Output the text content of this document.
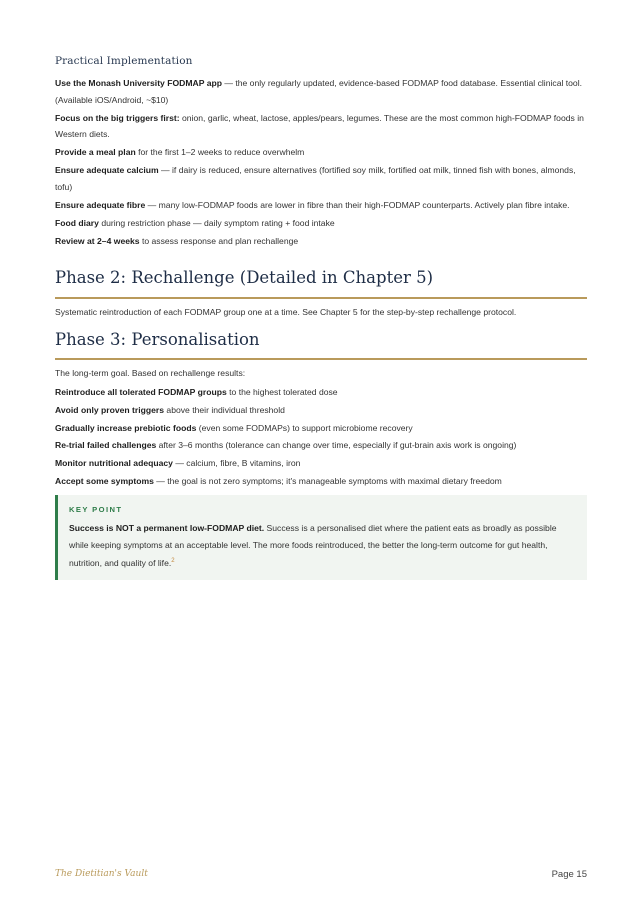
Practical Implementation
Use the Monash University FODMAP app — the only regularly updated, evidence-based FODMAP food database. Essential clinical tool. (Available iOS/Android, ~$10)
Focus on the big triggers first: onion, garlic, wheat, lactose, apples/pears, legumes. These are the most common high-FODMAP foods in Western diets.
Provide a meal plan for the first 1–2 weeks to reduce overwhelm
Ensure adequate calcium — if dairy is reduced, ensure alternatives (fortified soy milk, fortified oat milk, tinned fish with bones, almonds, tofu)
Ensure adequate fibre — many low-FODMAP foods are lower in fibre than their high-FODMAP counterparts. Actively plan fibre intake.
Food diary during restriction phase — daily symptom rating + food intake
Review at 2–4 weeks to assess response and plan rechallenge
Phase 2: Rechallenge (Detailed in Chapter 5)
Systematic reintroduction of each FODMAP group one at a time. See Chapter 5 for the step-by-step rechallenge protocol.
Phase 3: Personalisation
The long-term goal. Based on rechallenge results:
Reintroduce all tolerated FODMAP groups to the highest tolerated dose
Avoid only proven triggers above their individual threshold
Gradually increase prebiotic foods (even some FODMAPs) to support microbiome recovery
Re-trial failed challenges after 3–6 months (tolerance can change over time, especially if gut-brain axis work is ongoing)
Monitor nutritional adequacy — calcium, fibre, B vitamins, iron
Accept some symptoms — the goal is not zero symptoms; it's manageable symptoms with maximal dietary freedom
KEY POINT
Success is NOT a permanent low-FODMAP diet. Success is a personalised diet where the patient eats as broadly as possible while keeping symptoms at an acceptable level. The more foods reintroduced, the better the long-term outcome for gut health, nutrition, and quality of life.$^2$
The Dietitian's Vault	Page 15
